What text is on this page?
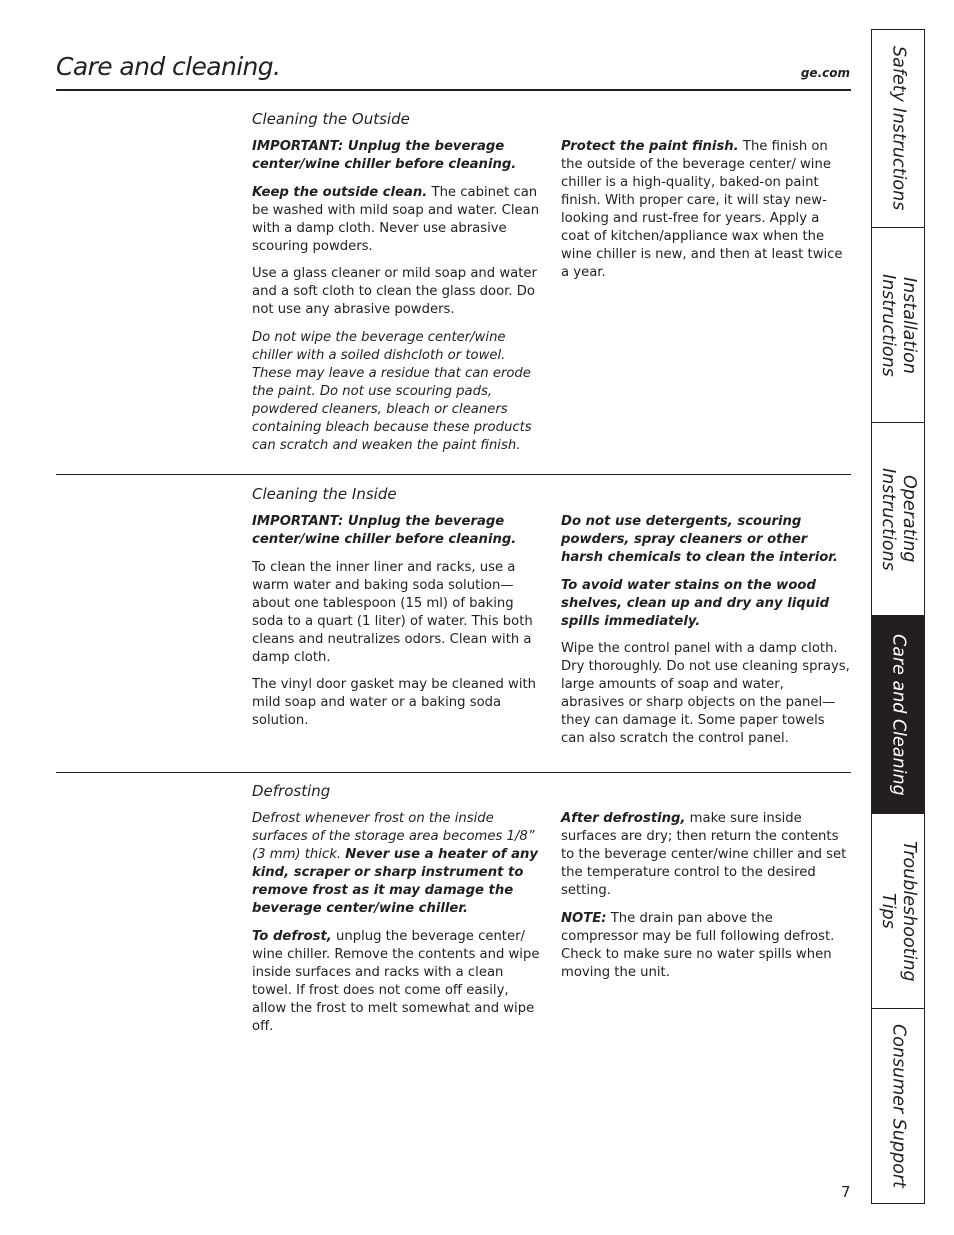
Care and cleaning.	ge.com
Cleaning the Outside

IMPORTANT: Unplug the beverage center/wine chiller before cleaning.

Keep the outside clean. The cabinet can be washed with mild soap and water. Clean with a damp cloth. Never use abrasive scouring powders.

Use a glass cleaner or mild soap and water and a soft cloth to clean the glass door. Do not use any abrasive powders.

Do not wipe the beverage center/wine chiller with a soiled dishcloth or towel. These may leave a residue that can erode the paint. Do not use scouring pads, powdered cleaners, bleach or cleaners containing bleach because these products can scratch and weaken the paint finish.

Protect the paint finish. The finish on the outside of the beverage center/ wine chiller is a high-quality, baked-on paint finish. With proper care, it will stay new-looking and rust-free for years. Apply a coat of kitchen/appliance wax when the wine chiller is new, and then at least twice a year.

Cleaning the Inside

IMPORTANT: Unplug the beverage center/wine chiller before cleaning.

To clean the inner liner and racks, use a warm water and baking soda solution—about one tablespoon (15 ml) of baking soda to a quart (1 liter) of water. This both cleans and neutralizes odors. Clean with a damp cloth.

The vinyl door gasket may be cleaned with mild soap and water or a baking soda solution.

Do not use detergents, scouring powders, spray cleaners or other harsh chemicals to clean the interior.

To avoid water stains on the wood shelves, clean up and dry any liquid spills immediately.

Wipe the control panel with a damp cloth. Dry thoroughly. Do not use cleaning sprays, large amounts of soap and water, abrasives or sharp objects on the panel—they can damage it. Some paper towels can also scratch the control panel.

Defrosting

Defrost whenever frost on the inside surfaces of the storage area becomes 1/8” (3 mm) thick. Never use a heater of any kind, scraper or sharp instrument to remove frost as it may damage the beverage center/wine chiller.

To defrost, unplug the beverage center/ wine chiller. Remove the contents and wipe inside surfaces and racks with a clean towel. If frost does not come off easily, allow the frost to melt somewhat and wipe off.

After defrosting, make sure inside surfaces are dry; then return the contents to the beverage center/wine chiller and set the temperature control to the desired setting.

NOTE: The drain pan above the compressor may be full following defrost. Check to make sure no water spills when moving the unit.

Safety Instructions
Installation
Instructions
Operating
Instructions
Care and Cleaning
Troubleshooting
Tips
Consumer Support
7
